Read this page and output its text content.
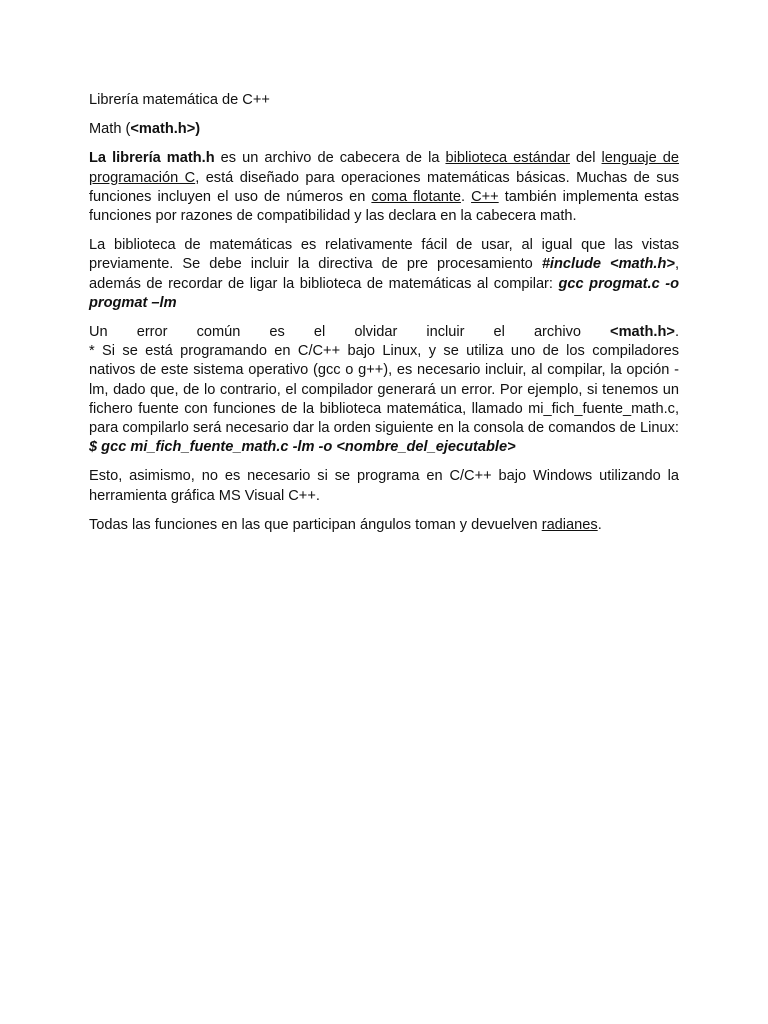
Librería matemática de C++

Math (<math.h>)

La librería math.h es un archivo de cabecera de la biblioteca estándar del lenguaje de programación C, está diseñado para operaciones matemáticas básicas. Muchas de sus funciones incluyen el uso de números en coma flotante. C++ también implementa estas funciones por razones de compatibilidad y las declara en la cabecera math.

La biblioteca de matemáticas es relativamente fácil de usar, al igual que las vistas previamente. Se debe incluir la directiva de pre procesamiento #include <math.h>, además de recordar de ligar la biblioteca de matemáticas al compilar: gcc progmat.c -o progmat –lm

Un error común es el olvidar incluir el archivo <math.h>.
* Si se está programando en C/C++ bajo Linux, y se utiliza uno de los compiladores nativos de este sistema operativo (gcc o g++), es necesario incluir, al compilar, la opción -lm, dado que, de lo contrario, el compilador generará un error. Por ejemplo, si tenemos un fichero fuente con funciones de la biblioteca matemática, llamado mi_fich_fuente_math.c, para compilarlo será necesario dar la orden siguiente en la consola de comandos de Linux:
$ gcc mi_fich_fuente_math.c -lm -o <nombre_del_ejecutable>

Esto, asimismo, no es necesario si se programa en C/C++ bajo Windows utilizando la herramienta gráfica MS Visual C++.

Todas las funciones en las que participan ángulos toman y devuelven radianes.
